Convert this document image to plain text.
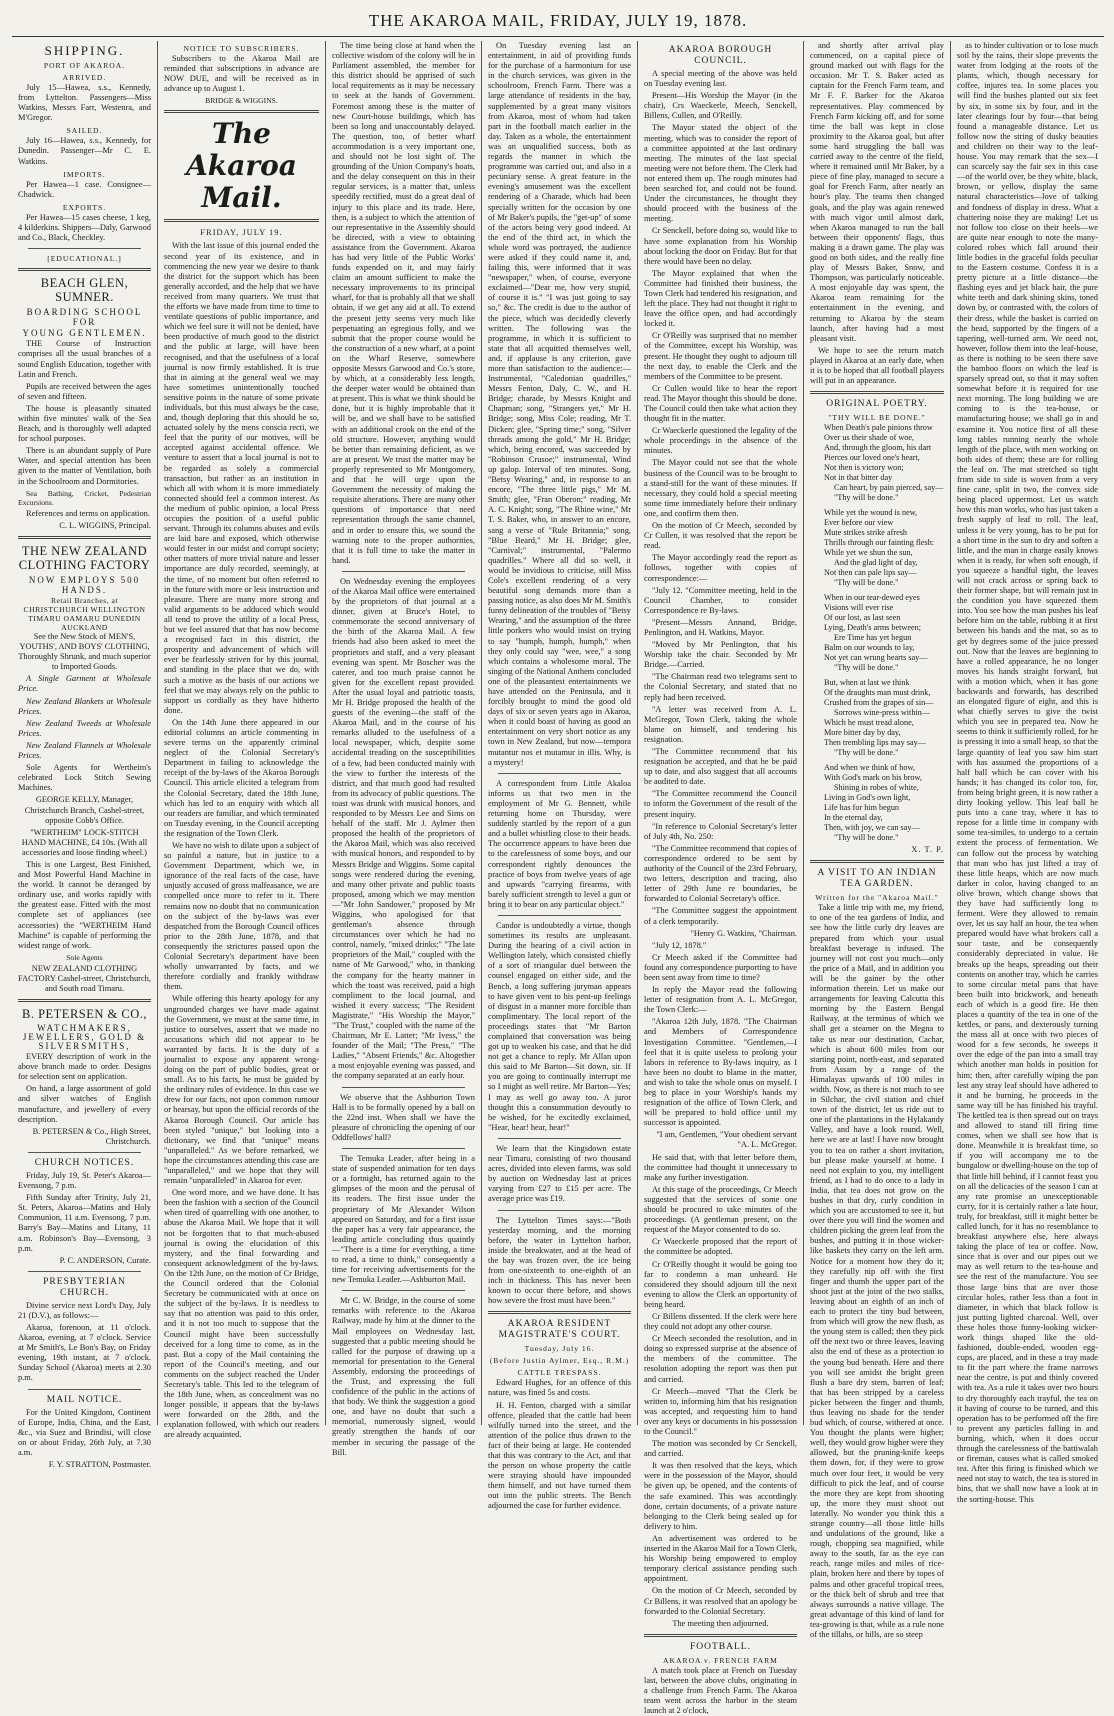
THE AKAROA MAIL, FRIDAY, JULY 19, 1878.
SHIPPING.
PORT OF AKAROA.
ARRIVED.

July 15—Hawea, s.s., Kennedy, from Lyttelton. Passengers—Miss Watkins, Messrs Farr, Westenra, and M'Gregor.

SAILED.

July 16—Hawea, s.s., Kennedy, for Dunedin. Passenger—Mr C. E. Watkins.

IMPORTS.

Per Hawea—1 case. Consignee—Chadwick.

EXPORTS.

Per Hawea—15 cases cheese, 1 keg, 4 kilderkins. Shippers—Daly, Garwood and Co., Black, Checkley.

[EDUCATIONAL.]
BEACH GLEN, SUMNER.
BOARDING SCHOOL
FOR
YOUNG GENTLEMEN.

THE Course of Instruction comprises all the usual branches of a sound English Education, together with Latin and French.

Pupils are received between the ages of seven and fifteen.

The house is pleasantly situated within five minutes' walk of the Sea Beach, and is thoroughly well adapted for school purposes.

There is an abundant supply of Pure Water, and special attention has been given to the matter of Ventilation, both in the Schoolroom and Dormitories.

Sea Bathing, Cricket, Pedestrian Excursions.

References and terms on application.

C. L. WIGGINS, Principal.

THE NEW ZEALAND CLOTHING FACTORY
NOW EMPLOYS 500 HANDS.
Retail Branches, at
CHRISTCHURCH WELLINGTON TIMARU OAMARU DUNEDIN AUCKLAND

See the New Stock of MEN'S, YOUTHS', AND BOYS' CLOTHING, Thoroughly Shrunk, and much superior to Imported Goods.

A Single Garment at Wholesale Price.

New Zealand Blankets at Wholesale Prices.

New Zealand Tweeds at Wholesale Prices.

New Zealand Flannels at Wholesale Prices.

Sole Agents for Wertheim's celebrated Lock Stitch Sewing Machines.

GEORGE KELLY, Manager, Christchurch Branch, Cashel-street, opposite Cobb's Office.

"WERTHEIM" LOCK-STITCH HAND MACHINE, £4 10s. (With all accessories and loose finding wheel.)

This is one Largest, Best Finished, and Most Powerful Hand Machine in the world. It cannot be deranged by ordinary use, and works rapidly with the greatest ease. Fitted with the most complete set of appliances (see accessories) the "WERTHEIM Hand Machine" is capable of performing the widest range of work.

Sole Agents

NEW ZEALAND CLOTHING FACTORY Cashel-street, Christchurch, and South road Timaru.

B. PETERSEN & CO.,
WATCHMAKERS, JEWELLERS, GOLD & SILVERSMITHS,

EVERY description of work in the above branch made to order. Designs for selection sent on application.

On hand, a large assortment of gold and silver watches of English manufacture, and jewellery of every description.

B. PETERSEN & Co., High Street, Christchurch.

CHURCH NOTICES.

Friday, July 19, St. Peter's Akaroa—Evensong, 7 p.m.

Fifth Sunday after Trinity, July 21, St. Peters, Akaroa—Matins and Holy Communion, 11 a.m. Evensong, 7 p.m. Barry's Bay—Matins and Litany, 11 a.m. Robinson's Bay—Evensong, 3 p.m.

P. C. ANDERSON, Curate.

PRESBYTERIAN CHURCH.

Divine service next Lord's Day, July 21 (D.V.), as follows:—

Akaroa, forenoon, at 11 o'clock. Akaroa, evening, at 7 o'clock. Service at Mr Smith's, Le Bon's Bay, on Friday evening, 19th instant, at 7 o'clock. Sunday School (Akaroa) meets at 2.30 p.m.

MAIL NOTICE.

For the United Kingdom, Continent of Europe, India, China, and the East, &c., via Suez and Brindisi, will close on or about Friday, 26th July, at 7.30 a.m.

F. Y. STRATTON, Postmaster.

NOTICE TO SUBSCRIBERS.

Subscribers to the Akaroa Mail are reminded that subscriptions in advance are NOW DUE, and will be received as in advance up to August 1.

BRIDGE & WIGGINS.

The Akaroa Mail.
FRIDAY, JULY 19.

With the last issue of this journal ended the second year of its existence, and in commencing the new year we desire to thank the district for the support which has been generally accorded, and the help that we have received from many quarters. We trust that the efforts we have made from time to time to ventilate questions of public importance, and which we feel sure it will not be denied, have been productive of much good to the district and the public at large, will have been recognised, and that the usefulness of a local journal is now firmly established. It is true that in aiming at the general weal we may have sometimes unintentionally touched sensitive points in the nature of some private individuals, but this must always be the case, and, though deploring that this should be so, actuated solely by the mens conscia recti, we feel that the purity of our motives, will be accepted against accidental offence. We venture to assert that a local journal is not to be regarded as solely a commercial transaction, but rather as an institution in which all with whom it is more immediately connected should feel a common interest. As the medium of public opinion, a local Press occupies the position of a useful public servant. Through its columns abuses and evils are laid bare and exposed, which otherwise would fester in our midst and corrupt society; other matters of more trivial nature and lesser importance are duly recorded, seemingly, at the time, of no moment but often referred to in the future with more or less instruction and pleasure. There are many more strong and valid arguments to be adduced which would all tend to prove the utility of a local Press, but we feel assured that that has now become a recognised fact in this district, the prosperity and advancement of which will ever be fearlessly striven for by this journal, and standing in the place that we do, with such a motive as the basis of our actions we feel that we may always rely on the public to support us cordially as they have hitherto done.

On the 14th June there appeared in our editorial columns an article commenting in severe terms on the apparently criminal neglect of the Colonial Secretary's Department in failing to acknowledge the receipt of the by-laws of the Akaroa Borough Council. This article elicited a telegram from the Colonial Secretary, dated the 18th June, which has led to an enquiry with which all our readers are familiar, and which terminated on Tuesday evening, in the Council accepting the resignation of the Town Clerk.

We have no wish to dilate upon a subject of so painful a nature, but in justice to a Government Department, which we, in ignorance of the real facts of the case, have unjustly accused of gross malfeasance, we are compelled once more to refer to it. There remains now no doubt that no communication on the subject of the by-laws was ever despatched from the Borough Council offices prior to the 28th June, 1878, and that consequently the strictures passed upon the Colonial Secretary's department have been wholly unwarranted by facts, and we therefore cordially and frankly withdraw them.

While offering this hearty apology for any ungrounded charges we have made against the Government, we must at the same time, in justice to ourselves, assert that we made no accusations which did not appear to be warranted by facts. It is the duty of a journalist to expose any apparent wrong-doing on the part of public bodies, great or small. As to his facts, he must be guided by the ordinary rules of evidence. In this case we drew for our facts, not upon common rumour or hearsay, but upon the official records of the Akaroa Borough Council. Our article has been styled "unique," but looking into a dictionary, we find that "unique" means "unparalleled." As we before remarked, we hope the circumstances attending this case are "unparalleled," and we hope that they will remain "unparalleled" in Akaroa for ever.

One word more, and we have done. It has been the fashion with a section of the Council when tired of quarrelling with one another, to abuse the Akaroa Mail. We hope that it will not be forgotten that to that much-abused journal is owing the elucidation of this mystery, and the final forwarding and consequent acknowledgment of the by-laws. On the 12th June, on the motion of Cr Bridge, the Council ordered that the Colonial Secretary be communicated with at once on the subject of the by-laws. It is needless to say that no attention was paid to this order, and it is not too much to suppose that the Council might have been successfully deceived for a long time to come, as in the past. But a copy of the Mail containing the report of the Council's meeting, and our comments on the subject reached the Under Secretary's table. This led to the telegram of the 18th June, when, as concealment was no longer possible, it appears that the by-laws were forwarded on the 28th, and the explanation followed, with which our readers are already acquainted.

The time being close at hand when the collective wisdom of the colony will be in Parliament assembled, the member for this district should be apprised of such local requirements as it may be necessary to seek at the hands of Government. Foremost among these is the matter of new Court-house buildings, which has been so long and unaccountably delayed. The question, too, of better wharf accommodation is a very important one, and should not be lost sight of. The grounding of the Union Company's boats, and the delay consequent on this in their regular services, is a matter that, unless speedily rectified, must do a great deal of injury to this place and its trade. Here, then, is a subject to which the attention of our representative in the Assembly should be directed, with a view to obtaining assistance from the Government. Akaroa has had very little of the Public Works' funds expended on it, and may fairly claim an amount sufficient to make the necessary improvements to its principal wharf, for that is probably all that we shall obtain, if we get any aid at all. To extend the present jetty seems very much like perpetuating an egregious folly, and we submit that the proper course would be the construction of a new wharf, at a point on the Wharf Reserve, somewhere opposite Messrs Garwood and Co.'s store, by which, at a considerably less length, the deeper water would be obtained than at present. This is what we think should be done, but it is highly improbable that it will be, and we shall have to be satisfied with an additional crook on the end of the old structure. However, anything would be better than remaining deficient, as we are at present. We trust the matter may be properly represented to Mr Montgomery, and that he will urge upon the Government the necessity of making the requisite alterations. There are many other questions of importance that need representation through the same channel, and in order to ensure this, we sound the warning note to the proper authorities, that it is full time to take the matter in hand.

On Wednesday evening the employees of the Akaroa Mail office were entertained by the proprietors of that journal at a dinner, given at Bruce's Hotel, to commemorate the second anniversary of the birth of the Akaroa Mail. A few friends had also been asked to meet the proprietors and staff, and a very pleasant evening was spent. Mr Boscher was the caterer, and too much praise cannot be given for the excellent repast provided. After the usual loyal and patriotic toasts, Mr H. Bridge proposed the health of the guests of the evening—the staff of the Akaroa Mail, and in the course of his remarks alluded to the usefulness of a local newspaper, which, despite some accidental treading on the susceptibilities of a few, had been conducted mainly with the view to further the interests of the district, and that much good had resulted from its advocacy of public questions. The toast was drunk with musical honors, and responded to by Messrs Lee and Sims on behalf of the staff. Mr J. Aylmer then proposed the health of the proprietors of the Akaroa Mail, which was also received with musical honors, and responded to by Messrs Bridge and Wiggins. Some capital songs were rendered during the evening, and many other private and public toasts proposed, among which we may mention—"Mr John Sandower," proposed by Mr Wiggins, who apologised for that gentleman's absence through circumstances over which he had no control, namely, "mixed drinks;" "The late proprietors of the Mail," coupled with the name of Mr Garwood," who, in thanking the company for the hearty manner in which the toast was received, paid a high compliment to the local journal, and wished it every success; "The Resident Magistrate," "His Worship the Mayor," "The Trust," coupled with the name of the Chairman, Mr E. Latter; "Mr Ivess," the founder of the Mail; "The Press," "The Ladies," "Absent Friends," &c. Altogether a most enjoyable evening was passed, and the company separated at an early hour.

We observe that the Ashburton Town Hall is to be formally opened by a ball on the 22nd inst. When shall we have the pleasure of chronicling the opening of our Oddfellows' hall?

The Temuka Leader, after being in a state of suspended animation for ten days or a fortnight, has returned again to the glimpses of the moon and the perusal of its readers. The first issue under the proprietary of Mr Alexander Wilson appeared on Saturday, and for a first issue the paper has a very fair appearance, the leading article concluding thus quaintly—"There is a time for everything, a time to read, a time to think," consequently a time for receiving advertisements for the new Temuka Leader.—Ashburton Mail.

Mr C. W. Bridge, in the course of some remarks with reference to the Akaroa Railway, made by him at the dinner to the Mail employees on Wednesday last, suggested that a public meeting should be called for the purpose of drawing up a memorial for presentation to the General Assembly, endorsing the proceedings of the Trust, and expressing the full confidence of the public in the actions of that body. We think the suggestion a good one, and have no doubt that such a memorial, numerously signed, would greatly strengthen the hands of our member in securing the passage of the Bill.

On Tuesday evening last an entertainment, in aid of providing funds for the purchase of a harmonium for use in the church services, was given in the schoolroom, French Farm. There was a large attendance of residents in the bay, supplemented by a great many visitors from Akaroa, most of whom had taken part in the football match earlier in the day. Taken as a whole, the entertainment was an unqualified success, both as regards the manner in which the programme was carried out, and also in a pecuniary sense. A great feature in the evening's amusement was the excellent rendering of a Charade, which had been specially written for the occasion by one of Mr Baker's pupils, the "get-up" of some of the actors being very good indeed. At the end of the third act, in which the whole word was portrayed, the audience were asked if they could name it, and, failing this, were informed that it was "newspaper," when, of course, everyone exclaimed—"Dear me, how very stupid, of course it is." "I was just going to say so," &c. The credit is due to the author of the piece, which was decidedly cleverly written. The following was the programme, in which it is sufficient to state that all acquitted themselves well, and, if applause is any criterion, gave more than satisfaction to the audience:—Instrumental, "Caledonian quadrilles," Messrs Fenton, Daly, C. W., and H. Bridge; charade, by Messrs Knight and Chapman; song, "Strangers yet," Mr H. Bridge; song, Miss Cole; reading, Mr T. Dicken; glee, "Spring time;" song, "Silver threads among the gold," Mr H. Bridge; which, being encored, was succeeded by "Robinson Crusoe;" instrumental, Wind up galop. Interval of ten minutes. Song, "Betsy Wearing," and, in response to an encore, "The three little pigs," Mr M. Smith; glee, "Fran Oberon;" reading, Mr A. C. Knight; song, "The Rhine wine," Mr T. S. Baker, who, in answer to an encore, sang a verse of "Rule Britannia;" song, "Blue Beard," Mr H. Bridge; glee, "Carnival;" instrumental, "Palermo quadrilles." Where all did so well, it would be invidious to criticise, still Miss Cole's excellent rendering of a very beautiful song demands more than a passing notice, as also does Mr M. Smith's funny delineation of the troubles of "Betsy Wearing," and the assumption of the three little porkers who would insist on trying to say "humph, humph, humph," when they only could say "wee, wee," a song which contains a wholesome moral. The singing of the National Anthem concluded one of the pleasantest entertainments we have attended on the Peninsula, and it forcibly brought to mind the good old days of six or seven years ago in Akaroa, when it could boast of having as good an entertainment on very short notice as any town in New Zealand, but now—tempora mutantur nos et mutamur in illis. Why, is a mystery!

A correspondent from Little Akaloa informs us that two men in the employment of Mr G. Bennett, while returning home on Thursday, were suddenly startled by the report of a gun and a bullet whistling close to their heads. The occurrence appears to have been due to the carelessness of some boys, and our correspondent rightly denounces the practice of boys from twelve years of age and upwards "carrying firearms, with barely sufficient strength to level a gun or bring it to bear on any particular object."

Candor is undoubtedly a virtue, though sometimes its results are unpleasant. During the hearing of a civil action in Wellington lately, which consisted chiefly of a sort of triangular duel between the counsel engaged on either side, and the Bench, a long suffering juryman appears to have given vent to his pent-up feelings of disgust in a manner more forcible than complimentary. The local report of the proceedings states that "Mr Barton complained that conversation was being got up to weaken his case, and that he did not get a chance to reply. Mr Allan upon this said to Mr Barton—Sit down, sir. If you are going to continually interrupt me so I might as well retire. Mr Barton—Yes; I may as well go away too. A juror thought this a consummation devoutly to be wished, for he excitedly exclaimed, "Hear, hear! hear, hear!"

We learn that the Kingsdown estate near Timaru, consisting of two thousand acres, divided into eleven farms, was sold by auction on Wednesday last at prices varying from £27 to £15 per acre. The average price was £19.

The Lyttelton Times says:—"Both yesterday morning, and the morning before, the water in Lyttelton harbor, inside the breakwater, and at the head of the bay was frozen over, the ice being from one-sixteenth to one-eighth of an inch in thickness. This has never been known to occur there before, and shows how severe the frost must have been."

AKAROA RESIDENT MAGISTRATE'S COURT.
Tuesday, July 16.
(Before Justin Aylmer, Esq., R.M.)
CATTLE TRESPASS.

Edward Hughes, for an offence of this nature, was fined 5s and costs.

H. H. Fenton, charged with a similar offence, pleaded that the cattle had been wilfully turned into the street, and the attention of the police thus drawn to the fact of their being at large. He contended that this was contrary to the Act, and that the person on whose property the cattle were straying should have impounded them himself, and not have turned them out into the public streets. The Bench adjourned the case for further evidence.

AKAROA BOROUGH COUNCIL.

A special meeting of the above was held on Tuesday evening last.

Present—His Worship the Mayor (in the chair), Crs Waeckerle, Meech, Senckell, Billens, Cullen, and O'Reilly.

The Mayor stated the object of the meeting, which was to consider the report of a committee appointed at the last ordinary meeting. The minutes of the last special meeting were not before them. The Clerk had not entered them up. The rough minutes had been searched for, and could not be found. Under the circumstances, he thought they should proceed with the business of the meeting.

Cr Senckell, before doing so, would like to have some explanation from his Worship about locking the door on Friday. But for that there would have been no delay.

The Mayor explained that when the Committee had finished their business, the Town Clerk had tendered his resignation, and left the place. They had not thought it right to leave the office open, and had accordingly locked it.

Cr O'Reilly was surprised that no member of the Committee, except his Worship, was present. He thought they ought to adjourn till the next day, to enable the Clerk and the members of the Committee to be present.

Cr Cullen would like to hear the report read. The Mayor thought this should be done. The Council could then take what action they thought fit in the matter.

Cr Waeckerle questioned the legality of the whole proceedings in the absence of the minutes.

The Mayor could not see that the whole business of the Council was to be brought to a stand-still for the want of these minutes. If necessary, they could hold a special meeting some time immediately before their ordinary one, and confirm them then.

On the motion of Cr Meech, seconded by Cr Cullen, it was resolved that the report be read.

The Mayor accordingly read the report as follows, together with copies of correspondence:—

"July 12. "Committee meeting, held in the Council Chamber, to consider Correspondence re By-laws.

"Present—Messrs Annand, Bridge, Penlington, and H. Watkins, Mayor.

"Moved by Mr Penlington, that his Worship take the chair. Seconded by Mr Bridge.—Carried.

"The Chairman read two telegrams sent to the Colonial Secretary, and stated that no reply had been received.

"A letter was received from A. L. McGregor, Town Clerk, taking the whole blame on himself, and tendering his resignation.

"The Committee recommend that his resignation be accepted, and that he be paid up to date, and also suggest that all accounts be audited to date.

"The Committee recommend the Council to inform the Government of the result of the present inquiry.

"In reference to Colonial Secretary's letter of July 4th, No. 250:

"The Committee recommend that copies of correspondence ordered to be sent by authority of the Council of the 23rd February, two letters, description and tracing, also letter of 29th June re boundaries, be forwarded to Colonial Secretary's office.

"The Committee suggest the appointment of a clerk temporarily.

"Henry G. Watkins, "Chairman.

"July 12, 1878."

Cr Meech asked if the Committee had found any correspondence purporting to have been sent away from time to time?

In reply the Mayor read the following letter of resignation from A. L. McGregor, the Town Clerk:—

"Akaroa 12th July, 1878. "The Chairman and Members of Correspondence Investigation Committee. "Gentlemen,—I feel that it is quite useless to prolong your labors in reference to By-laws inquiry, as I have been no doubt to blame in the matter, and wish to take the whole onus on myself. I beg to place in your Worship's hands my resignation of the office of Town Clerk, and will be prepared to hold office until my successor is appointed.

"I am, Gentlemen, "Your obedient servant "A. L. McGregor.

He said that, with that letter before them, the committee had thought it unnecessary to make any further investigation.

At this stage of the proceedings, Cr Meech suggested that the services of some one should be procured to take minutes of the proceedings. (A gentleman present, on the request of the Mayor consented to do so.

Cr Waeckerle proposed that the report of the committee be adopted.

Cr O'Reilly thought it would be going too far to condemn a man unheard. He considered they should adjourn till the next evening to allow the Clerk an opportunity of being heard.

Cr Billens dissented. If the clerk were here they could not adopt any other course.

Cr Meech seconded the resolution, and in doing so expressed surprise at the absence of the members of the committee. The resolution adopting the report was then put and carried.

Cr Meech—moved "That the Clerk be written to, informing him that his resignation was accepted, and requesting him to hand over any keys or documents in his possession to the Council."

The motion was seconded by Cr Senckell, and carried.

It was then resolved that the keys, which were in the possession of the Mayor, should be given up, be opened, and the contents of the safe examined. This was accordingly done, certain documents, of a private nature belonging to the Clerk being sealed up for delivery to him.

An advertisement was ordered to be inserted in the Akaroa Mail for a Town Clerk, his Worship being empowered to employ temporary clerical assistance pending such appointment.

On the motion of Cr Meech, seconded by Cr Billens, it was resolved that an apology be forwarded to the Colonial Secretary.

The meeting then adjourned.

FOOTBALL.
AKAROA v. FRENCH FARM

A match took place at French on Tuesday last, between the above clubs, originating in a challenge from French Farm. The Akaroa team went across the harbor in the steam launch at 2 o'clock,

and shortly after arrival play commenced, on a capital piece of ground marked out with flags for the occasion. Mr T. S. Baker acted as captain for the French Farm team, and Mr F. F. Barker for the Akaroa representatives. Play commenced by French Farm kicking off, and for some time the ball was kept in close proximity to the Akaroa goal, but after some hard struggling the ball was carried away to the centre of the field, where it remained until Mr Baker, by a piece of fine play, managed to secure a goal for French Farm, after nearly an hour's play. The teams then changed goals, and the play was again renewed with much vigor until almost dark, when Akaroa managed to run the ball between their opponents' flags, thus making it a drawn game. The play was good on both sides, and the really fine play of Messrs Baker, Snow, and Thompson, was particularly noticeable. A most enjoyable day was spent, the Akaroa team remaining for the entertainment in the evening, and returning to Akaroa by the steam launch, after having had a most pleasant visit.

We hope to see the return match played in Akaroa at an early date, when it is to be hoped that all football players will put in an appearance.

ORIGINAL POETRY.
"THY WILL BE DONE."
When Death's pale pinions throw
Over us their shade of woe,
And, through the gloom, his dart
Pierces our loved one's heart,
Not then is victory won;
Not in that bitter day
Can heart, by pain pierced, say—
"Thy will be done."
While yet the wound is new,
Ever before our view
Mute strikes strike afresh
Thrills through our fainting flesh:
While yet we shun the sun,
And the glad light of day,
Not then can pale lips say—
"Thy will be done."
When in our tear-dewed eyes
Visions will ever rise
Of our lost, as last seen
Lying, Death's arms between;
Ere Time has yet begun
Balm on our wounds to lay,
Not yet can wrung hearts say—
"Thy will be done."
But, when at last we think
Of the draughts man must drink,
Crushed from the grapes of sin—
Sorrows wine-press within—
Which he must tread alone,
More bitter day by day,
Then trembling lips may say—
"Thy will be done."
And when we think of how,
With God's mark on his brow,
Shining in robes of white,
Living in God's own light,
Life has for him begun
In the eternal day,
Then, with joy, we can say—
"Thy will be done."
X. T. P.
A VISIT TO AN INDIAN TEA GARDEN.
Written for the "Akaroa Mail."

Take a little trip with me, my friend, to one of the tea gardens of India, and see how the little curly dry leaves are prepared from which your usual breakfast beverage is infused. The journey will not cost you much—only the price of a Mail, and in addition you will be the gainer by the other information therein. Let us make our arrangements for leaving Calcutta this morning by the Eastern Bengal Railway, at the terminus of which we shall get a steamer on the Megna to take us near our destination, Cachar, which is about 600 miles from our starting point, north-east, and separated from Assam by a range of the Himalayas upwards of 100 miles in width. Now, as there is not much to see in Silchar, the civil station and chief town of the district, let us ride out to one of the plantations in the Hylakandy Valley, and have a look round. Well, here we are at last! I have now brought you to tea on rather a short invitation, but please make yourself at home. I need not explain to you, my intelligent friend, as I had to do once to a lady in India, that tea does not grow on the bushes in that dry, curly condition in which you are accustomed to see it, but over there you will find the women and children picking the green leaf from the bushes, and putting it in those wicker-like baskets they carry on the left arm. Notice for a moment how they do it; they carefully nip off with the first finger and thumb the upper part of the shoot just at the joint of the two stalks, leaving about an eighth of an inch of each to protect the tiny bud between, from which will grow the new flush, as the young stem is called; then they pick off the next two or three leaves, leaving also the end of these as a protection to the young bud beneath. Here and there you will see amidst the bright green flush a bare dry stem, barren of leaf; that has been stripped by a careless picker between the finger and thumb, thus leaving no shade for the tender bud which, of course, withered at once. You thought the plants were higher; well, they would grow higher were they allowed, but the pruning-knife keeps them down, for, if they were to grow much over four feet, it would be very difficult to pick the leaf, and of course the more they are kept from shooting up, the more they must shoot out laterally. No wonder you think this a strange country—all those little hills and undulations of the ground, like a rough, chopping sea magnified, while away to the south, far as the eye can reach, range miles and miles of rice-plain, broken here and there by topes of palms and other graceful tropical trees, or the thick belt of shrub and tree that always surrounds a native village. The great advantage of this kind of land for tea-growing is that, while as a rule none of the tillahs, or hills, are so steep

as to hinder cultivation or to lose much soil by the rains, their slope prevents the water from lodging at the roots of the plants, which, though necessary for coffee, injures tea. In some places you will find the bushes planted out six feet by six, in some six by four, and in the later clearings four by four—that being found a manageable distance. Let us follow now the string of dusky beauties and children on their way to the leaf-house. You may remark that the sex—I can scarcely say the fair sex in this case—of the world over, be they white, black, brown, or yellow, display the same natural characteristics—love of talking and fondness of display in dress. What a chattering noise they are making! Let us not follow too close on their heels—we are quite near enough to note the many-colored robes which fall around their little bodies in the graceful folds peculiar to the Eastern costume. Confess it is a pretty picture at a little distance—the flashing eyes and jet black hair, the pure white teeth and dark shining skins, toned down by, or contrasted with, the colors of their dress, while the basket is carried on the head, supported by the fingers of a tapering, well-turned arm. We need not, however, follow them into the leaf-house, as there is nothing to be seen there save the bamboo floors on which the leaf is sparsely spread out, so that it may soften somewhat before it is required for use next morning. The long building we are coming to is the tea-house, or manufacturing house; we shall go in and examine it. You notice first of all these long tables running nearly the whole length of the place, with men working on both sides of them; these are for rolling the leaf on. The mat stretched so tight from side to side is woven from a very fine cane, split in two, the convex side being placed uppermost. Let us watch how this man works, who has just taken a fresh supply of leaf to roll. The leaf, unless it be very young, has to be put for a short time in the sun to dry and soften a little, and the man in charge easily knows when it is ready, for when soft enough, if you squeeze a handful tight, the leaves will not crack across or spring back to their former shape, but will remain just in the condition you have squeezed them into. You see how the man pushes his leaf before him on the table, rubbing it at first between his hands and the mat, so as to get by degrees some of the juice pressed out. Now that the leaves are beginning to have a rolled appearance, he no longer moves his hands straight forward, but with a motion which, when it has gone backwards and forwards, has described an elongated figure of eight, and this is what chiefly serves to give the twist which you see in prepared tea. Now he seems to think it sufficiently rolled, for he is pressing it into a small heap, so that the large quantity of leaf you saw him start with has assumed the proportions of a half ball which he can cover with his hands; it has changed its color too, for, from being bright green, it is now rather a dirty looking yellow. This leaf ball he puts into a cane tray, where it has to repose for a little time in company with some tea-similes, to undergo to a certain extent the process of fermentation. We can follow out the process by watching that man who has just lifted a tray of these little heaps, which are now much darker in color, having changed to an olive brown, which change shows that they have had sufficiently long to ferment. Were they allowed to remain over, let us say half an hour, the tea when prepared would have what brokers call a sour taste, and be consequently considerably depreciated in value. He breaks up the heaps, spreading out their contents on another tray, which he carries to some circular metal pans that have been built into brickwork, and beneath each of which is a good fire. He then places a quantity of the tea in one of the kettles, or pans, and dexterously turning the mass all at once with two pieces of wood for a few seconds, he sweeps it over the edge of the pan into a small tray which another man holds in position for him; then, after carefully wiping the pan lest any stray leaf should have adhered to it and be burning, he proceeds in the same way till he has finished his trayful. The kettled tea is then spread out on trays and allowed to stand till firing time comes, when we shall see how that is done. Meanwhile it is breakfast time, so if you will accompany me to the bungalow or dwelling-house on the top of that little hill behind, if I cannot feast you on all the delicacies of the season I can at any rate promise an unexceptionable curry, for it is certainly rather a late hour, truly, for breakfast, still it might better be called lunch, for it has no resemblance to breakfast anywhere else, here always taking the place of tea or coffee. Now, since that is over and our pipes out we may as well return to the tea-house and see the rest of the manufacture. You see those large bins that are over those circular holes, rather less than a foot in diameter, in which that black follow is just putting lighted charcoal. Well, over these holes those funny-looking wicker-work things shaped like the old-fashioned, double-ended, wooden egg-cups, are placed, and in these a tray made to fit the part where the frame narrows near the centre, is put and thinly covered with tea. As a rule it takes over two hours to dry thoroughly each trayful, the tea on it having of course to be turned, and this operation has to be performed off the fire to prevent any particles falling in and burning, which, when it does occur through the carelessness of the battiwalah or fireman, causes what is called smoked tea. After this firing is finished which we need not stay to watch, the tea is stored in bins, that we shall now have a look at in the sorting-house. This
